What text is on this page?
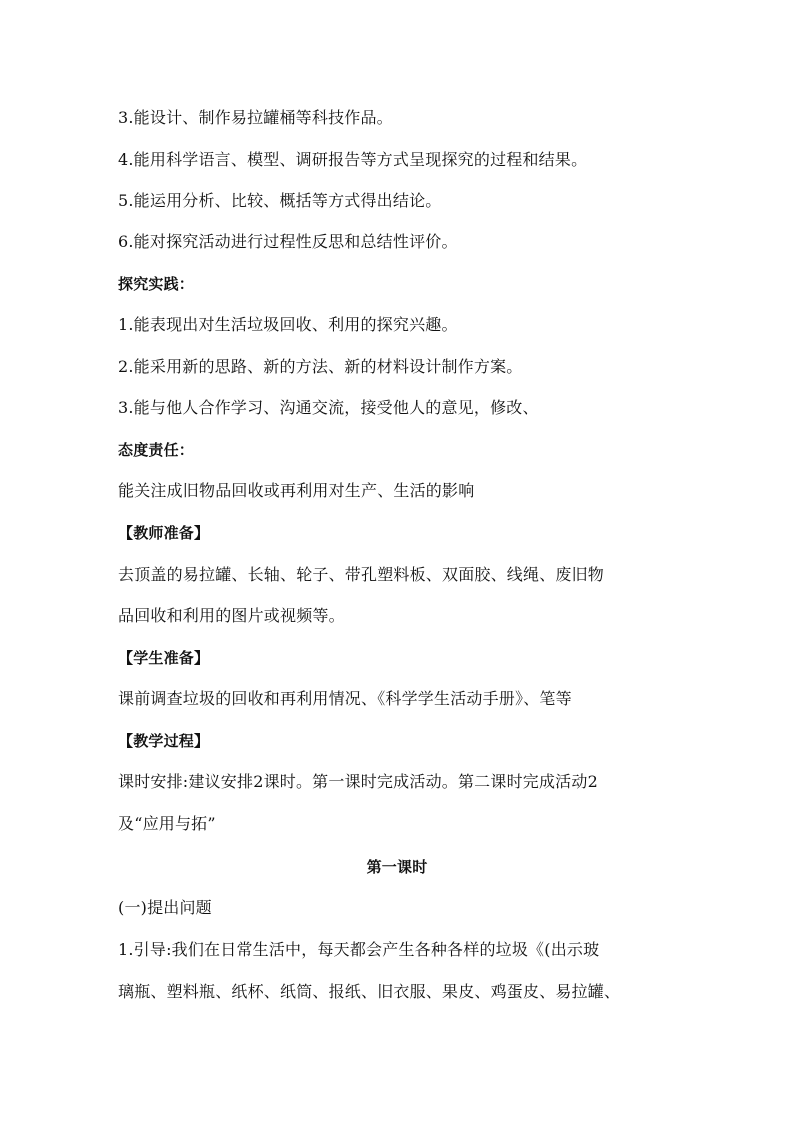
3.能设计、制作易拉罐桶等科技作品。
4.能用科学语言、模型、调研报告等方式呈现探究的过程和结果。
5.能运用分析、比较、概括等方式得出结论。
6.能对探究活动进行过程性反思和总结性评价。
探究实践：
1.能表现出对生活垃圾回收、利用的探究兴趣。
2.能采用新的思路、新的方法、新的材料设计制作方案。
3.能与他人合作学习、沟通交流，接受他人的意见，修改、
态度责任：
能关注成旧物品回收或再利用对生产、生活的影响
【教师准备】
去顶盖的易拉罐、长轴、轮子、带孔塑料板、双面胶、线绳、废旧物
品回收和利用的图片或视频等。
【学生准备】
课前调查垃圾的回收和再利用情况、《科学学生活动手册》、笔等
【教学过程】
课时安排:建议安排2课时。第一课时完成活动。第二课时完成活动2
及“应用与拓”
第一课时
(一)提出问题
1.引导:我们在日常生活中，每天都会产生各种各样的垃圾《(出示玻
璃瓶、塑料瓶、纸杯、纸筒、报纸、旧衣服、果皮、鸡蛋皮、易拉罐、
